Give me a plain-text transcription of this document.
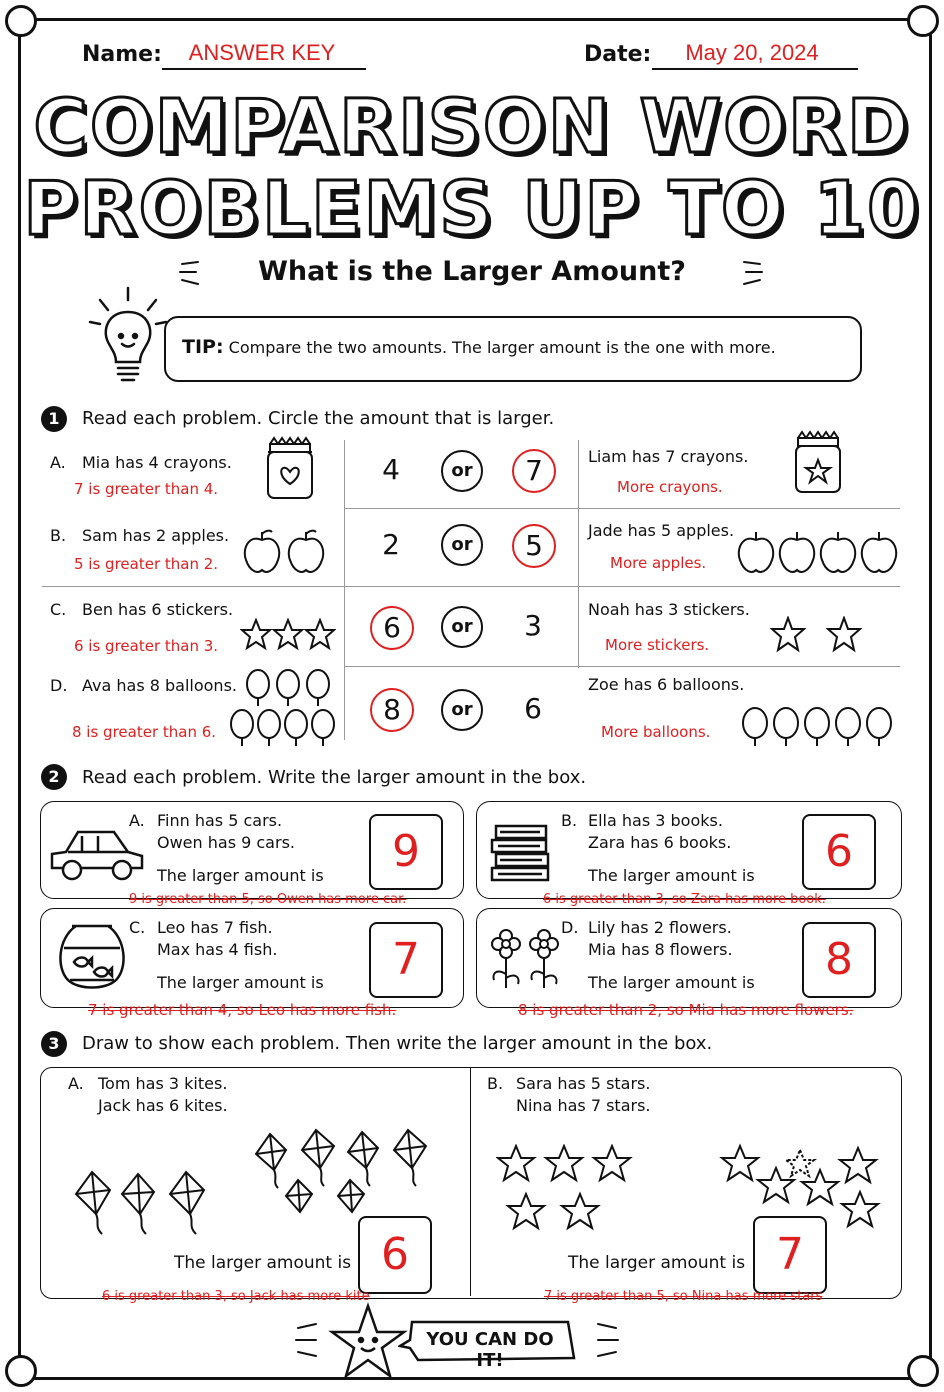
Name:	ANSWER KEY	Date:	May 20, 2024
COMPARISON WORD
PROBLEMS UP TO 10
What is the Larger Amount?
TIP: Compare the two amounts. The larger amount is the one with more.
1	Read each problem. Circle the amount that is larger.
A. Mia has 4 crayons.
7 is greater than 4.
4	or	7	Liam has 7 crayons.
More crayons.
B. Sam has 2 apples.
5 is greater than 2.
2	or	5	Jade has 5 apples.
More apples.
C. Ben has 6 stickers.
6 is greater than 3.
6	or	3	Noah has 3 stickers.
More stickers.
D. Ava has 8 balloons.
8 is greater than 6.
8	or	6
Zoe has 6 balloons.
More balloons.
2	Read each problem. Write the larger amount in the box.
A. Finn has 5 cars.
Owen has 9 cars.
The larger amount is	9
9 is greater than 5, so Owen has more car.
B. Ella has 3 books.
Zara has 6 books.
The larger amount is	6
6 is greater than 3, so Zara has more book.
C. Leo has 7 fish.
Max has 4 fish.
The larger amount is	7
7 is greater than 4, so Leo has more fish.
D. Lily has 2 flowers.
Mia has 8 flowers.
The larger amount is	8
8 is greater than 2, so Mia has more flowers.
3	Draw to show each problem. Then write the larger amount in the box.
A. Tom has 3 kites.
Jack has 6 kites.
The larger amount is 6
6 is greater than 3, so Jack has more kite
B. Sara has 5 stars.
Nina has 7 stars.
The larger amount is 7
7 is greater than 5, so Nina has more stars
YOU CAN DO IT!
